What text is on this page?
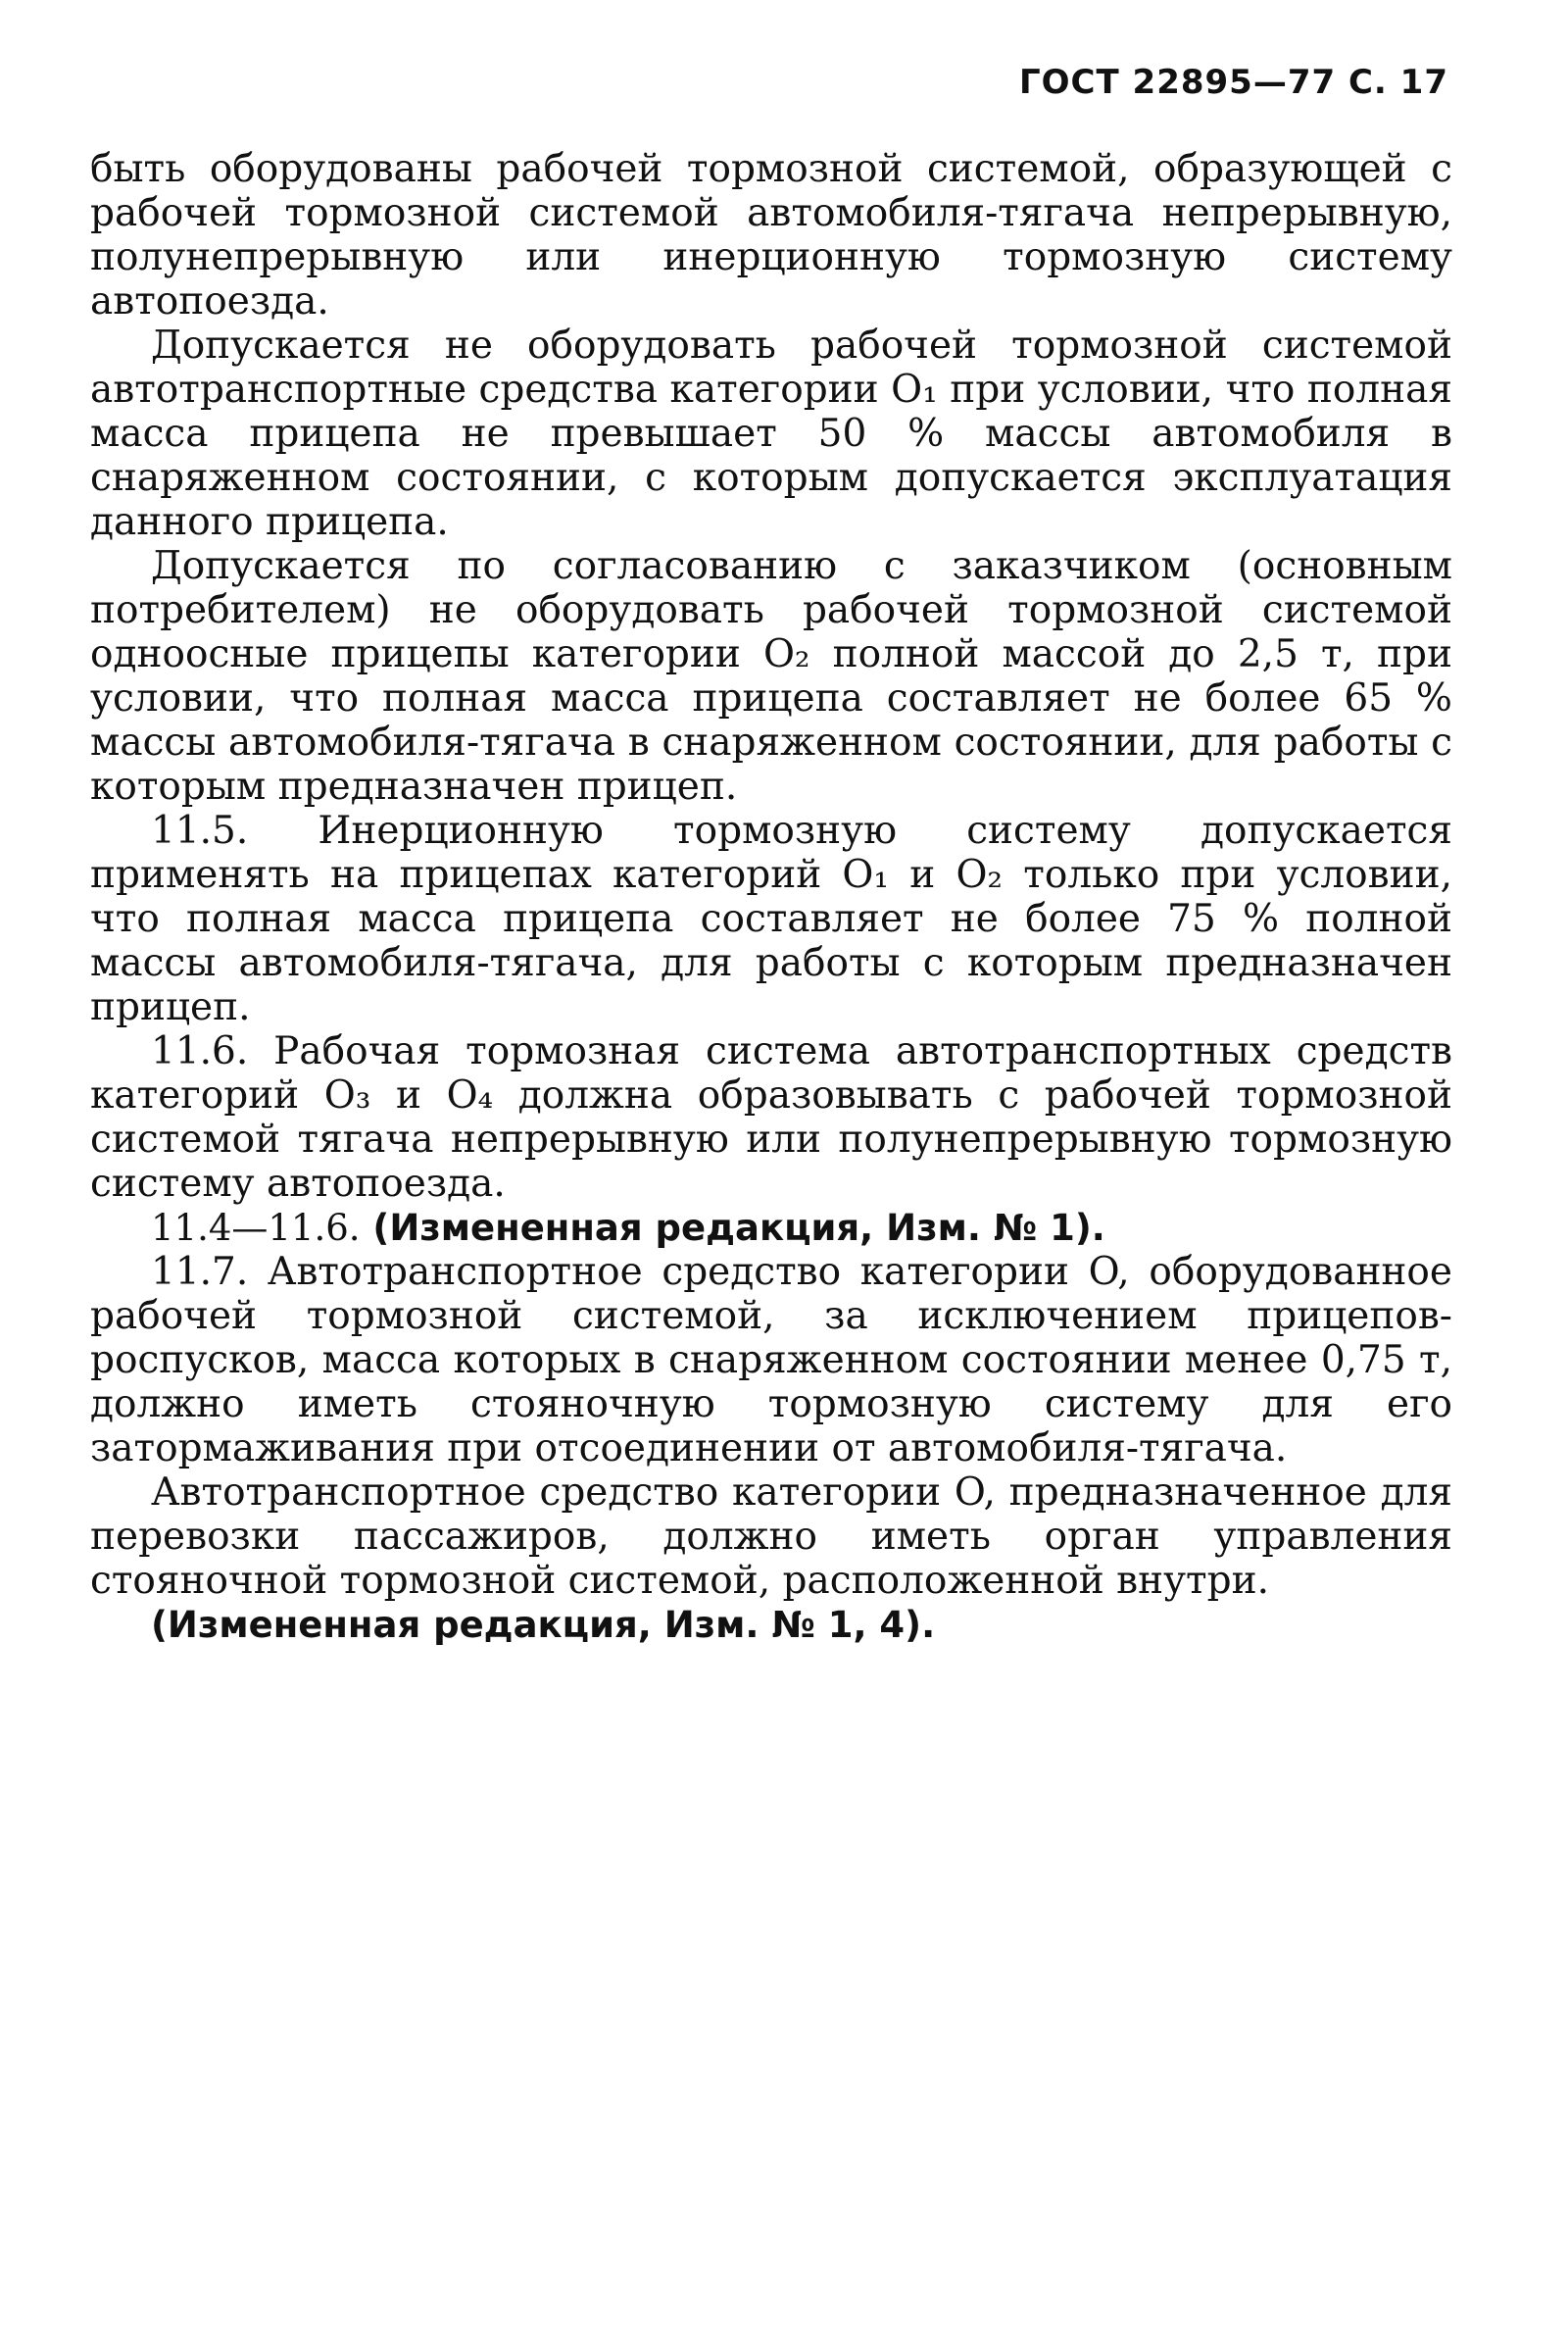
ГОСТ 22895—77 С. 17

быть оборудованы рабочей тормозной системой, образующей с рабочей тормозной системой автомобиля-тягача непрерывную, полунепрерывную или инерционную тормозную систему автопоезда.

Допускается не оборудовать рабочей тормозной системой автотранспортные средства категории O₁ при условии, что полная масса прицепа не превышает 50 % массы автомобиля в снаряженном состоянии, с которым допускается эксплуатация данного прицепа.

Допускается по согласованию с заказчиком (основным потребителем) не оборудовать рабочей тормозной системой одноосные прицепы категории O₂ полной массой до 2,5 т, при условии, что полная масса прицепа составляет не более 65 % массы автомобиля-тягача в снаряженном состоянии, для работы с которым предназначен прицеп.

11.5. Инерционную тормозную систему допускается применять на прицепах категорий O₁ и O₂ только при условии, что полная масса прицепа составляет не более 75 % полной массы автомобиля-тягача, для работы с которым предназначен прицеп.

11.6. Рабочая тормозная система автотранспортных средств категорий O₃ и O₄ должна образовывать с рабочей тормозной системой тягача непрерывную или полунепрерывную тормозную систему автопоезда.

11.4—11.6. (Измененная редакция, Изм. № 1).

11.7. Автотранспортное средство категории O, оборудованное рабочей тормозной системой, за исключением прицепов-роспусков, масса которых в снаряженном состоянии менее 0,75 т, должно иметь стояночную тормозную систему для его затормаживания при отсоединении от автомобиля-тягача.

Автотранспортное средство категории O, предназначенное для перевозки пассажиров, должно иметь орган управления стояночной тормозной системой, расположенной внутри.

(Измененная редакция, Изм. № 1, 4).
